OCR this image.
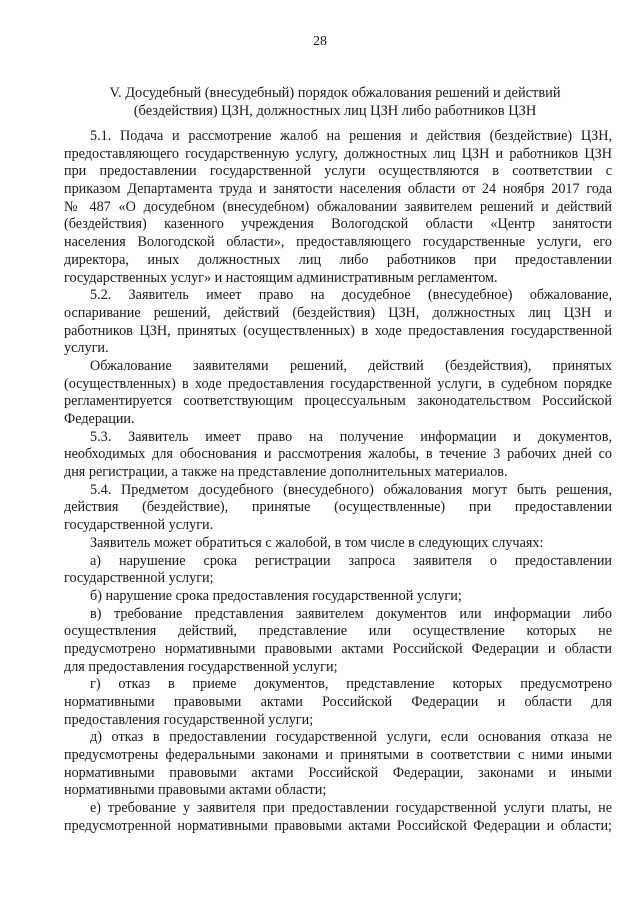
28
V. Досудебный (внесудебный) порядок обжалования решений и действий
(бездействия) ЦЗН, должностных лиц ЦЗН либо работников ЦЗН
5.1. Подача и рассмотрение жалоб на решения и действия (бездействие) ЦЗН,
предоставляющего государственную услугу, должностных лиц ЦЗН и работников ЦЗН
при предоставлении государственной услуги осуществляются в соответствии с
приказом Департамента труда и занятости населения области от 24 ноября 2017 года
№ 487 «О досудебном (внесудебном) обжаловании заявителем решений и действий
(бездействия) казенного учреждения Вологодской области «Центр занятости
населения Вологодской области», предоставляющего государственные услуги, его
директора, иных должностных лиц либо работников при предоставлении
государственных услуг» и настоящим административным регламентом.
5.2. Заявитель имеет право на досудебное (внесудебное) обжалование,
оспаривание решений, действий (бездействия) ЦЗН, должностных лиц ЦЗН и
работников ЦЗН, принятых (осуществленных) в ходе предоставления государственной
услуги.
Обжалование заявителями решений, действий (бездействия), принятых
(осуществленных) в ходе предоставления государственной услуги, в судебном порядке
регламентируется соответствующим процессуальным законодательством Российской
Федерации.
5.3. Заявитель имеет право на получение информации и документов,
необходимых для обоснования и рассмотрения жалобы, в течение 3 рабочих дней со
дня регистрации, а также на представление дополнительных материалов.
5.4. Предметом досудебного (внесудебного) обжалования могут быть решения,
действия (бездействие), принятые (осуществленные) при предоставлении
государственной услуги.
Заявитель может обратиться с жалобой, в том числе в следующих случаях:
а) нарушение срока регистрации запроса заявителя о предоставлении
государственной услуги;
б) нарушение срока предоставления государственной услуги;
в) требование представления заявителем документов или информации либо
осуществления действий, представление или осуществление которых не
предусмотрено нормативными правовыми актами Российской Федерации и области
для предоставления государственной услуги;
г) отказ в приеме документов, представление которых предусмотрено
нормативными правовыми актами Российской Федерации и области для
предоставления государственной услуги;
д) отказ в предоставлении государственной услуги, если основания отказа не
предусмотрены федеральными законами и принятыми в соответствии с ними иными
нормативными правовыми актами Российской Федерации, законами и иными
нормативными правовыми актами области;
е) требование у заявителя при предоставлении государственной услуги платы, не
предусмотренной нормативными правовыми актами Российской Федерации и области;
